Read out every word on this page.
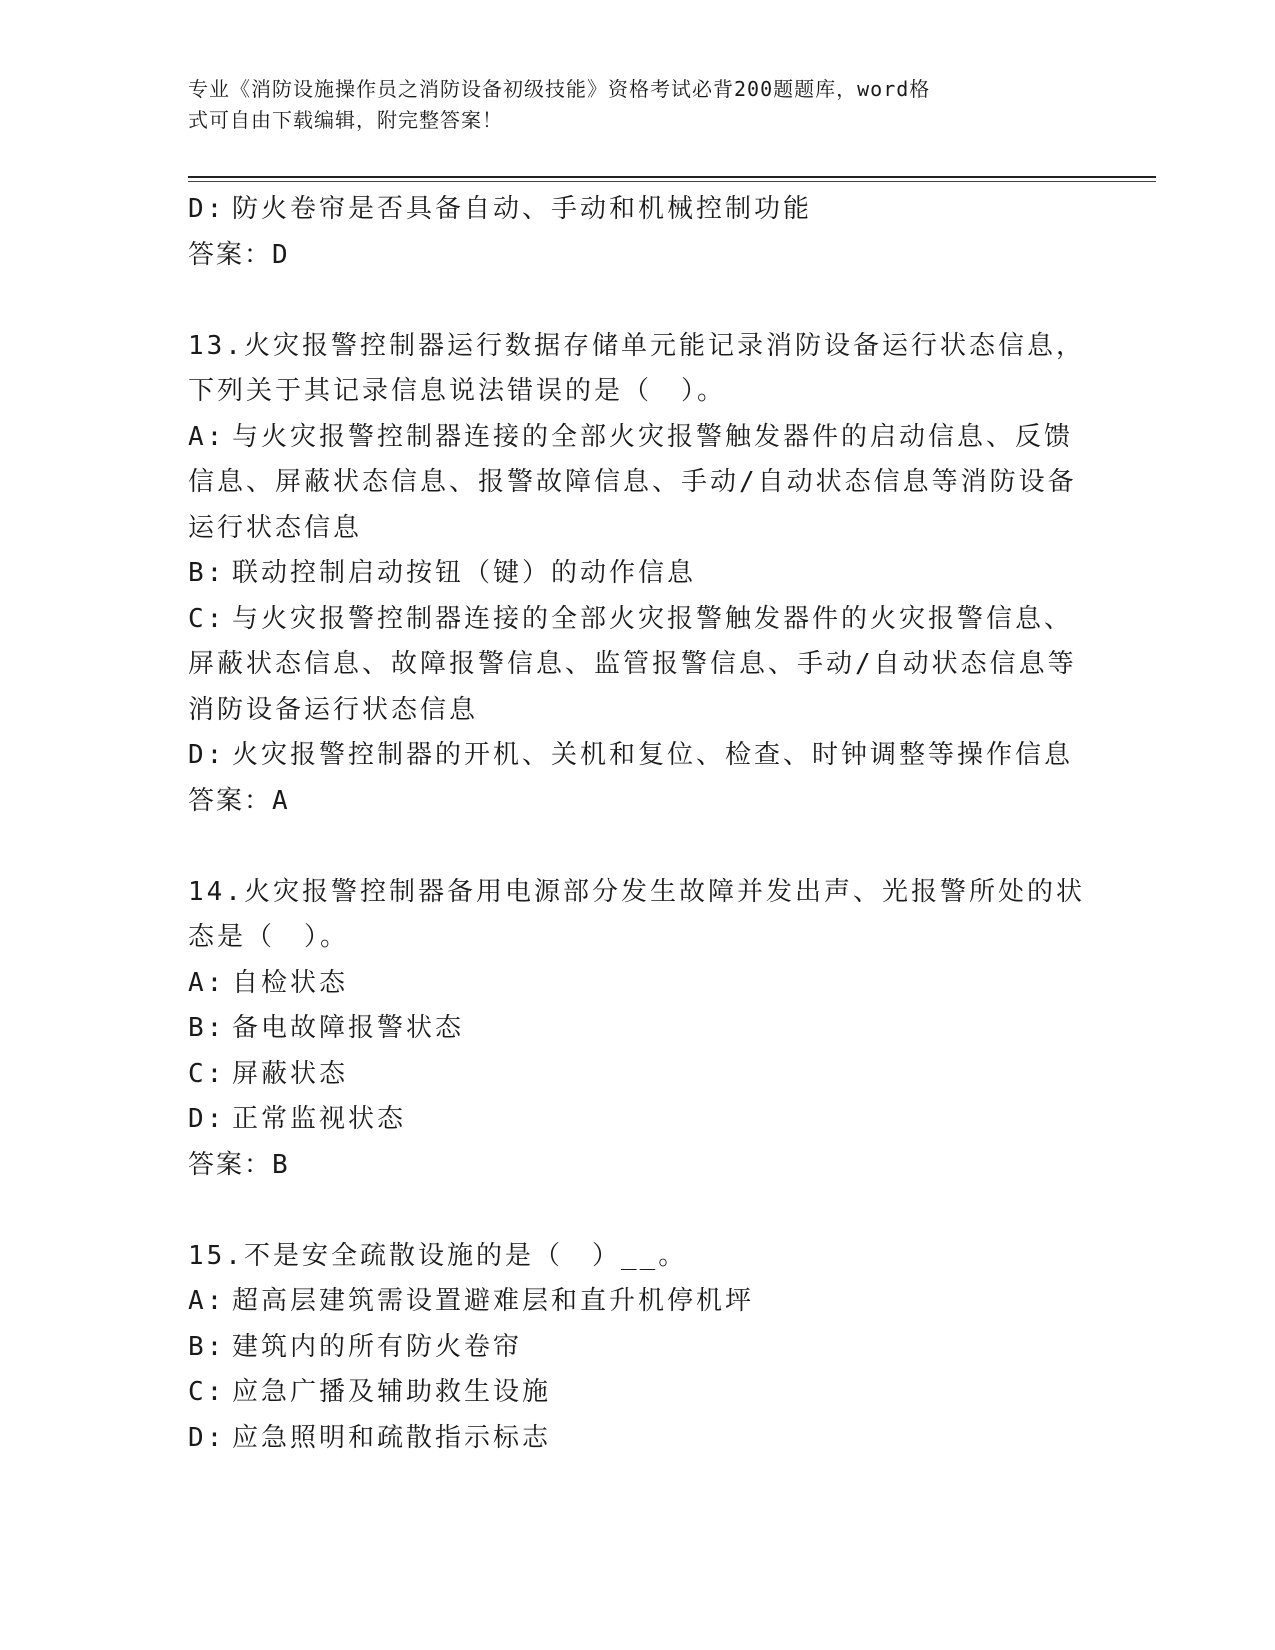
专业《消防设施操作员之消防设备初级技能》资格考试必背200题题库，word格
式可自由下载编辑，附完整答案！
D: 防火卷帘是否具备自动、手动和机械控制功能
答案：D
13.火灾报警控制器运行数据存储单元能记录消防设备运行状态信息，
下列关于其记录信息说法错误的是（　）。
A: 与火灾报警控制器连接的全部火灾报警触发器件的启动信息、反馈
信息、屏蔽状态信息、报警故障信息、手动/自动状态信息等消防设备
运行状态信息
B: 联动控制启动按钮（键）的动作信息
C: 与火灾报警控制器连接的全部火灾报警触发器件的火灾报警信息、
屏蔽状态信息、故障报警信息、监管报警信息、手动/自动状态信息等
消防设备运行状态信息
D: 火灾报警控制器的开机、关机和复位、检查、时钟调整等操作信息
答案：A
14.火灾报警控制器备用电源部分发生故障并发出声、光报警所处的状
态是（　）。
A: 自检状态
B: 备电故障报警状态
C: 屏蔽状态
D: 正常监视状态
答案：B
15.不是安全疏散设施的是（　）__。
A: 超高层建筑需设置避难层和直升机停机坪
B: 建筑内的所有防火卷帘
C: 应急广播及辅助救生设施
D: 应急照明和疏散指示标志
